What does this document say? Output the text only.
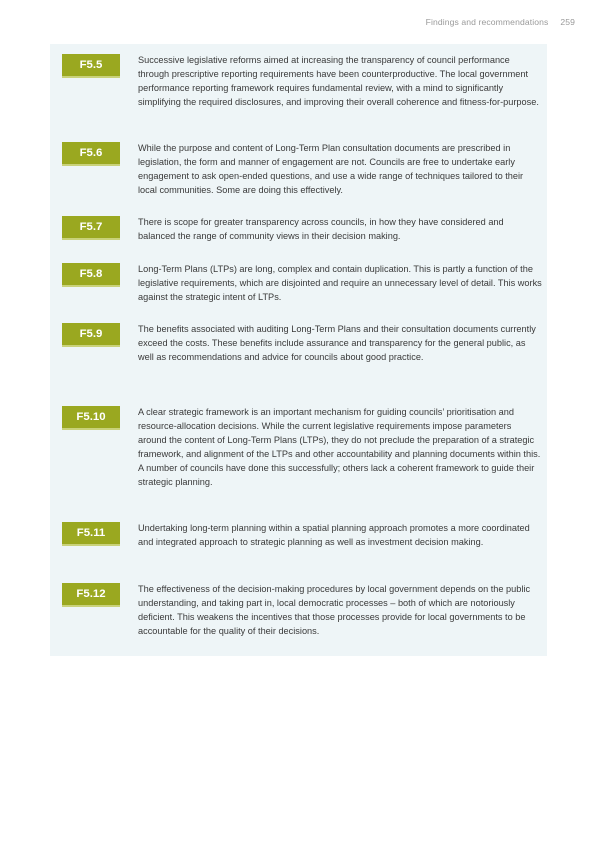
Findings and recommendations 259
F5.5	Successive legislative reforms aimed at increasing the transparency of council performance through prescriptive reporting requirements have been counterproductive. The local government performance reporting framework requires fundamental review, with a mind to significantly simplifying the required disclosures, and improving their overall coherence and fitness-for-purpose.

F5.6	While the purpose and content of Long-Term Plan consultation documents are prescribed in legislation, the form and manner of engagement are not. Councils are free to undertake early engagement to ask open-ended questions, and use a wide range of techniques tailored to their local communities. Some are doing this effectively.

F5.7	There is scope for greater transparency across councils, in how they have considered and balanced the range of community views in their decision making.

F5.8	Long-Term Plans (LTPs) are long, complex and contain duplication. This is partly a function of the legislative requirements, which are disjointed and require an unnecessary level of detail. This works against the strategic intent of LTPs.

F5.9	The benefits associated with auditing Long-Term Plans and their consultation documents currently exceed the costs. These benefits include assurance and transparency for the general public, as well as recommendations and advice for councils about good practice.

F5.10	A clear strategic framework is an important mechanism for guiding councils’ prioritisation and resource-allocation decisions. While the current legislative requirements impose parameters around the content of Long-Term Plans (LTPs), they do not preclude the preparation of a strategic framework, and alignment of the LTPs and other accountability and planning documents within this. A number of councils have done this successfully; others lack a coherent framework to guide their strategic planning.

F5.11	Undertaking long-term planning within a spatial planning approach promotes a more coordinated and integrated approach to strategic planning as well as investment decision making.

F5.12	The effectiveness of the decision-making procedures by local government depends on the public understanding, and taking part in, local democratic processes – both of which are notoriously deficient. This weakens the incentives that those processes provide for local governments to be accountable for the quality of their decisions.
